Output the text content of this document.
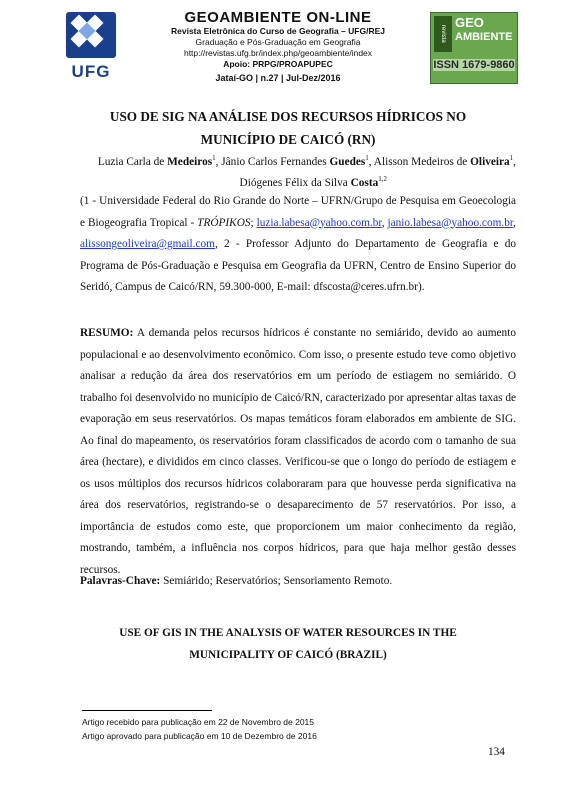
UFG
GEOAMBIENTE ON-LINE
Revista Eletrônica do Curso de Geografia – UFG/REJ
Graduação e Pós-Graduação em Geografia
http://revistas.ufg.br/index.php/geoambiente/index
Apoio: PRPG/PROAPUPEC
Jataí-GO | n.27 | Jul-Dez/2016
revista eletrônica	GEO
AMBIENTE
ISSN 1679-9860
USO DE SIG NA ANÁLISE DOS RECURSOS HÍDRICOS NO
MUNICÍPIO DE CAICÓ (RN)
Luzia Carla de Medeiros$^1$, Jânio Carlos Fernandes Guedes$^1$, Alisson Medeiros de Oliveira$^1$,
Diógenes Félix da Silva Costa$^{1,2}$
(1 - Universidade Federal do Rio Grande do Norte – UFRN/Grupo de Pesquisa em Geoecologia e Biogeografia Tropical - TRÓPIKOS; luzia.labesa@yahoo.com.br, janio.labesa@yahoo.com.br, alissongeoliveira@gmail.com, 2 - Professor Adjunto do Departamento de Geografia e do Programa de Pós-Graduação e Pesquisa em Geografia da UFRN, Centro de Ensino Superior do Seridó, Campus de Caicó/RN, 59.300-000, E-mail: dfscosta@ceres.ufrn.br).
RESUMO: A demanda pelos recursos hídricos é constante no semiárido, devido ao aumento populacional e ao desenvolvimento econômico. Com isso, o presente estudo teve como objetivo analisar a redução da área dos reservatórios em um período de estiagem no semiárido. O trabalho foi desenvolvido no município de Caicó/RN, caracterizado por apresentar altas taxas de evaporação em seus reservatórios. Os mapas temáticos foram elaborados em ambiente de SIG. Ao final do mapeamento, os reservatórios foram classificados de acordo com o tamanho de sua área (hectare), e divididos em cinco classes. Verificou-se que o longo do período de estiagem e os usos múltiplos dos recursos hídricos colaboraram para que houvesse perda significativa na área dos reservatórios, registrando-se o desaparecimento de 57 reservatórios. Por isso, a importância de estudos como este, que proporcionem um maior conhecimento da região, mostrando, também, a influência nos corpos hídricos, para que haja melhor gestão desses recursos.
Palavras-Chave: Semiárido; Reservatórios; Sensoriamento Remoto.
USE OF GIS IN THE ANALYSIS OF WATER RESOURCES IN THE
MUNICIPALITY OF CAICÓ (BRAZIL)
Artigo recebido para publicação em 22 de Novembro de 2015
Artigo aprovado para publicação em 10 de Dezembro de 2016
134
